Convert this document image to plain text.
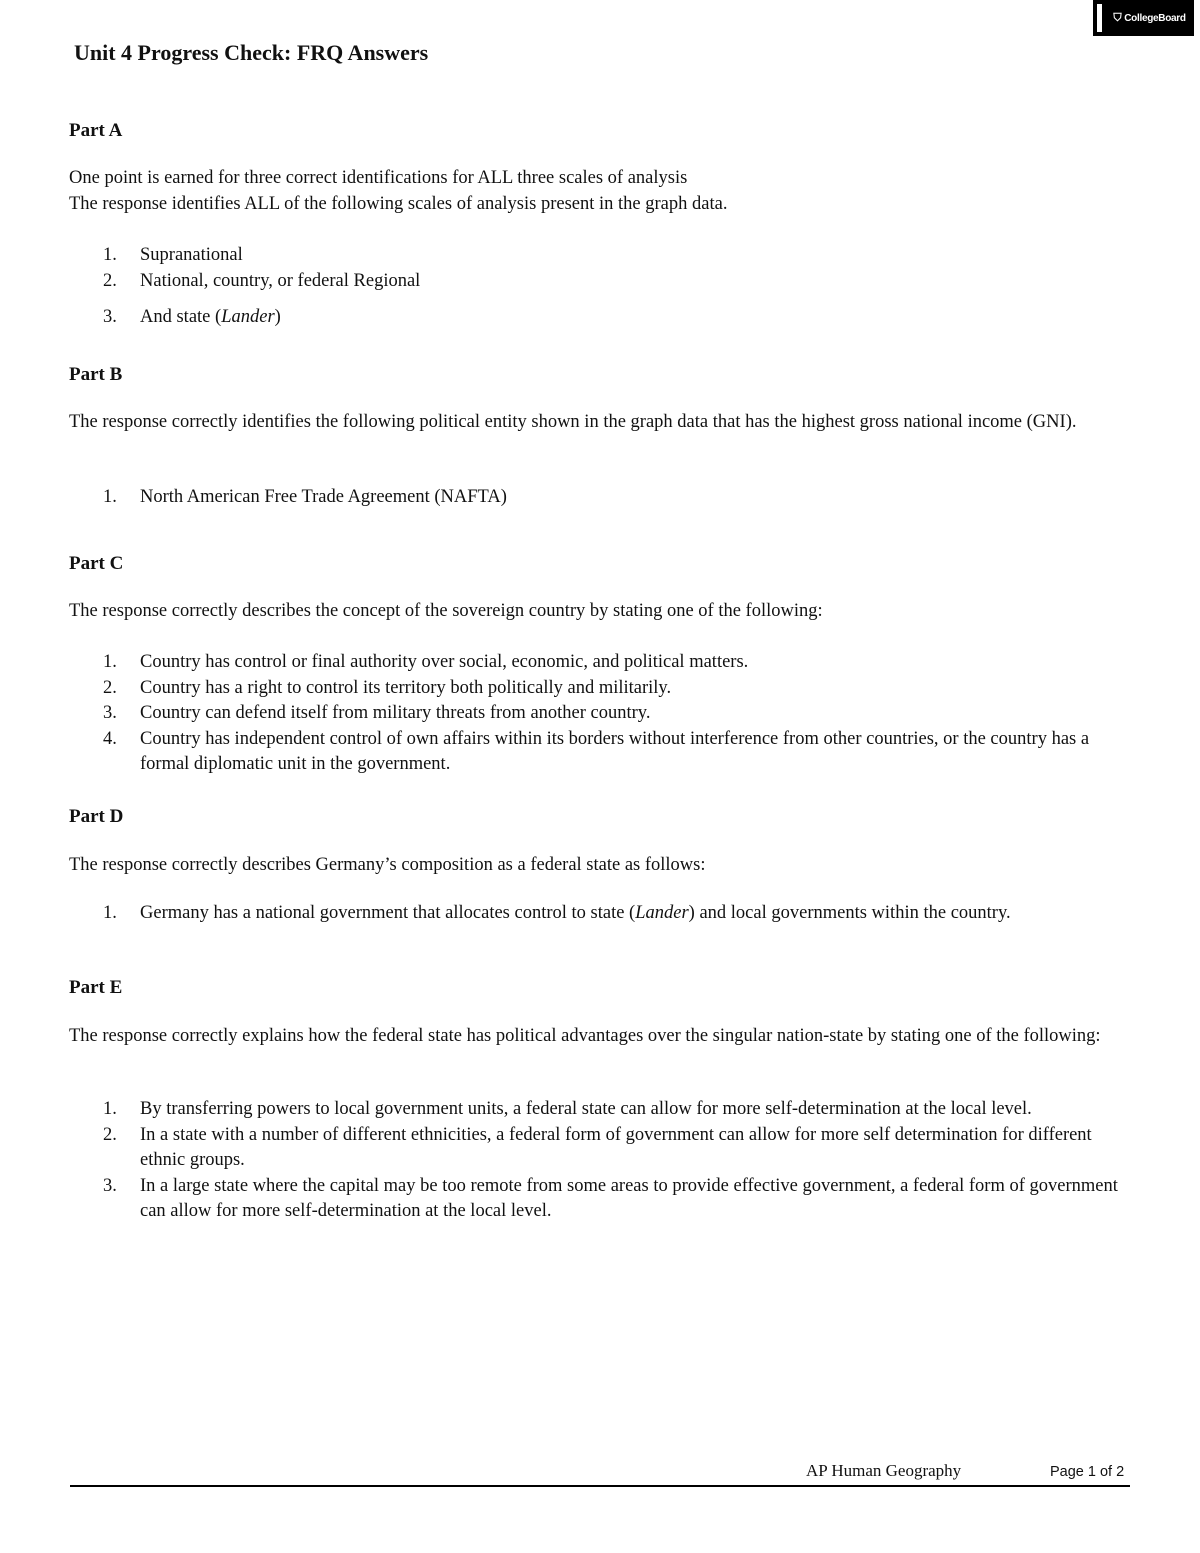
⛉ CollegeBoard
Unit 4 Progress Check: FRQ Answers
Part A

One point is earned for three correct identifications for ALL three scales of analysis

The response identifies ALL of the following scales of analysis present in the graph data.

1. Supranational
2. National, country, or federal Regional
3. And state (Lander)
Part B

The response correctly identifies the following political entity shown in the graph data that has the highest gross national income (GNI).

1. North American Free Trade Agreement (NAFTA)
Part C

The response correctly describes the concept of the sovereign country by stating one of the following:

1. Country has control or final authority over social, economic, and political matters.
2. Country has a right to control its territory both politically and militarily.
3. Country can defend itself from military threats from another country.
4. Country has independent control of own affairs within its borders without interference from other countries, or the country has a formal diplomatic unit in the government.
Part D

The response correctly describes Germany’s composition as a federal state as follows:

1. Germany has a national government that allocates control to state (Lander) and local governments within the country.
Part E

The response correctly explains how the federal state has political advantages over the singular nation-state by stating one of the following:

1. By transferring powers to local government units, a federal state can allow for more self-determination at the local level.
2. In a state with a number of different ethnicities, a federal form of government can allow for more self determination for different ethnic groups.
3. In a large state where the capital may be too remote from some areas to provide effective government, a federal form of government can allow for more self-determination at the local level.
AP Human Geography	Page 1 of 2
